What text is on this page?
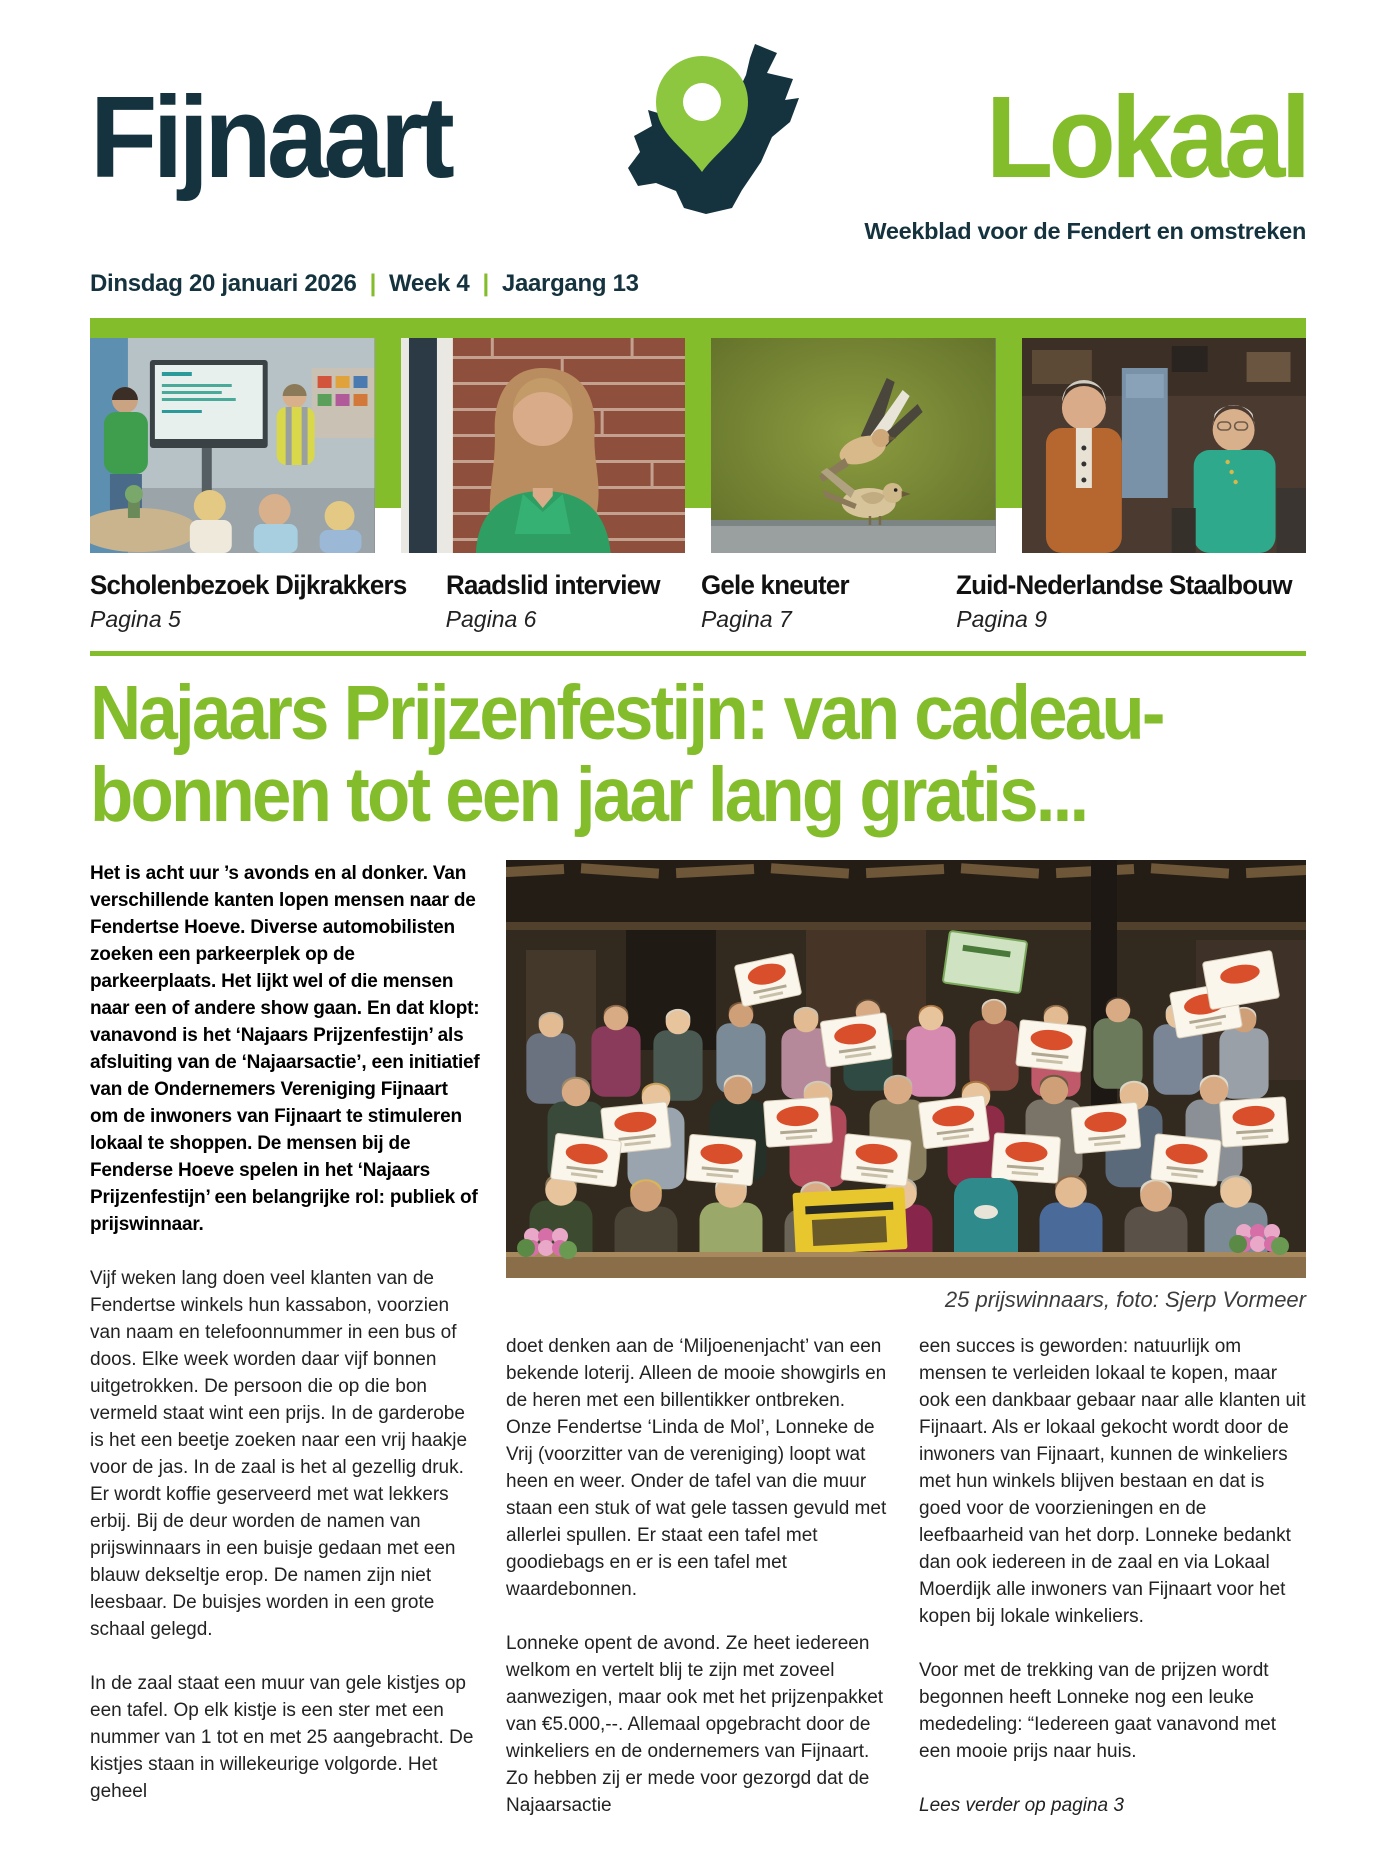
Fijnaart	Lokaal
Weekblad voor de Fendert en omstreken
Dinsdag 20 januari 2026 | Week 4 | Jaargang 13
Scholenbezoek Dijkrakkers
Pagina 5
Raadslid interview
Pagina 6
Gele kneuter
Pagina 7
Zuid-Nederlandse Staalbouw
Pagina 9
Najaars Prijzenfestijn: van cadeau-
bonnen tot een jaar lang gratis...

Het is acht uur ’s avonds en al donker. Van verschillende kanten lopen mensen naar de Fendertse Hoeve. Diverse automobilisten zoeken een parkeerplek op de parkeerplaats. Het lijkt wel of die mensen naar een of andere show gaan. En dat klopt: vanavond is het ‘Najaars Prijzenfestijn’ als afsluiting van de ‘Najaarsactie’, een initiatief van de Ondernemers Vereniging Fijnaart om de inwoners van Fijnaart te stimuleren lokaal te shoppen. De mensen bij de Fenderse Hoeve spelen in het ‘Najaars Prijzenfestijn’ een belangrijke rol: publiek of prijswinnaar.

Vijf weken lang doen veel klanten van de Fendertse winkels hun kassabon, voorzien van naam en telefoonnummer in een bus of doos. Elke week worden daar vijf bonnen uitgetrokken. De persoon die op die bon vermeld staat wint een prijs. In de garderobe is het een beetje zoeken naar een vrij haakje voor de jas. In de zaal is het al gezellig druk. Er wordt koffie geserveerd met wat lekkers erbij. Bij de deur worden de namen van prijswinnaars in een buisje gedaan met een blauw dekseltje erop. De namen zijn niet leesbaar. De buisjes worden in een grote schaal gelegd.

In de zaal staat een muur van gele kistjes op een tafel. Op elk kistje is een ster met een nummer van 1 tot en met 25 aangebracht. De kistjes staan in willekeurige volgorde. Het geheel

25 prijswinnaars, foto: Sjerp Vormeer

doet denken aan de ‘Miljoenenjacht’ van een bekende loterij. Alleen de mooie showgirls en de heren met een billentikker ontbreken. Onze Fendertse ‘Linda de Mol’, Lonneke de Vrij (voorzitter van de vereniging) loopt wat heen en weer. Onder de tafel van die muur staan een stuk of wat gele tassen gevuld met allerlei spullen. Er staat een tafel met goodiebags en er is een tafel met waardebonnen.

Lonneke opent de avond. Ze heet iedereen welkom en vertelt blij te zijn met zoveel aanwezigen, maar ook met het prijzenpakket van €5.000,--. Allemaal opgebracht door de winkeliers en de ondernemers van Fijnaart. Zo hebben zij er mede voor gezorgd dat de Najaarsactie

een succes is geworden: natuurlijk om mensen te verleiden lokaal te kopen, maar ook een dankbaar gebaar naar alle klanten uit Fijnaart. Als er lokaal gekocht wordt door de inwoners van Fijnaart, kunnen de winkeliers met hun winkels blijven bestaan en dat is goed voor de voorzieningen en de leefbaarheid van het dorp. Lonneke bedankt dan ook iedereen in de zaal en via Lokaal Moerdijk alle inwoners van Fijnaart voor het kopen bij lokale winkeliers.

Voor met de trekking van de prijzen wordt begonnen heeft Lonneke nog een leuke mededeling: “Iedereen gaat vanavond met een mooie prijs naar huis.

Lees verder op pagina 3
